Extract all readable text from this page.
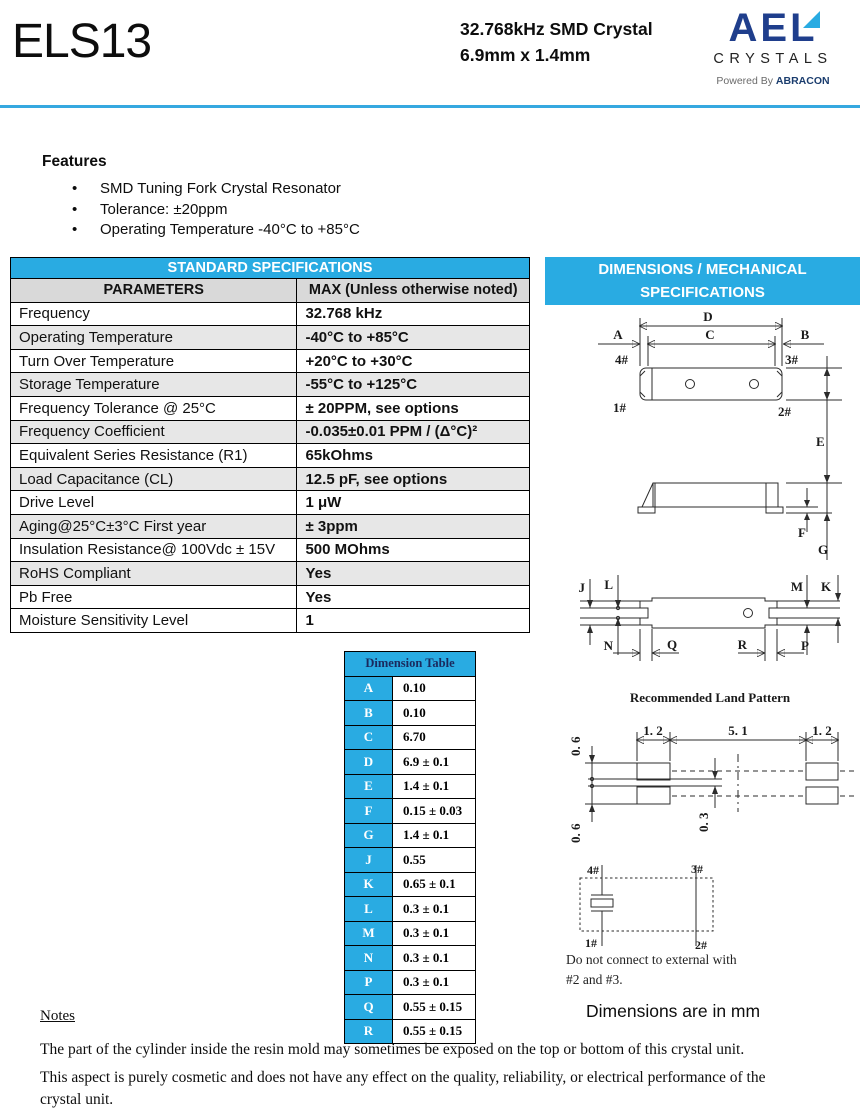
ELS13	32.768kHz SMD Crystal
6.9mm x 1.4mm
AEL
CRYSTALS
Powered By ABRACON
Features
• SMD Tuning Fork Crystal Resonator
• Tolerance: ±20ppm
• Operating Temperature -40°C to +85°C
STANDARD SPECIFICATIONS	
PARAMETERS	MAX (Unless otherwise noted)
Frequency	32.768 kHz
Operating Temperature	-40°C to +85°C
Turn Over Temperature	+20°C to +30°C
Storage Temperature	-55°C to +125°C
Frequency Tolerance @ 25°C	± 20PPM, see options
Frequency Coefficient	-0.035±0.01 PPM / (Δ°C)²
Equivalent Series Resistance (R1)	65kOhms
Load Capacitance (CL)	12.5 pF, see options
Drive Level	1 μW
Aging@25°C±3°C First year	± 3ppm
Insulation Resistance@ 100Vdc ± 15V	500 MOhms
RoHS Compliant	Yes
Pb Free	Yes
Moisture Sensitivity Level	1
DIMENSIONS / MECHANICAL
SPECIFICATIONS
Dimension Table	
A	0.10
B	0.10
C	6.70
D	6.9 ± 0.1
E	1.4 ± 0.1
F	0.15 ± 0.03
G	1.4 ± 0.1
J	0.55
K	0.65 ± 0.1
L	0.3 ± 0.1
M	0.3 ± 0.1
N	0.3 ± 0.1
P	0.3 ± 0.1
Q	0.55 ± 0.15
R	0.55 ± 0.15
D
C
A	B
4#	3#
1#	2#
E
F
G
J L
N
M K
P
Q	R
Recommended Land Pattern
1. 2	5. 1	1. 2
0. 6
0. 6
0. 3
4#	3#
1#	2#
Do not connect to external with
#2 and #3.
Dimensions are in mm
Notes
The part of the cylinder inside the resin mold may sometimes be exposed on the top or bottom of this crystal unit.
This aspect is purely cosmetic and does not have any effect on the quality, reliability, or electrical performance of the crystal unit.
